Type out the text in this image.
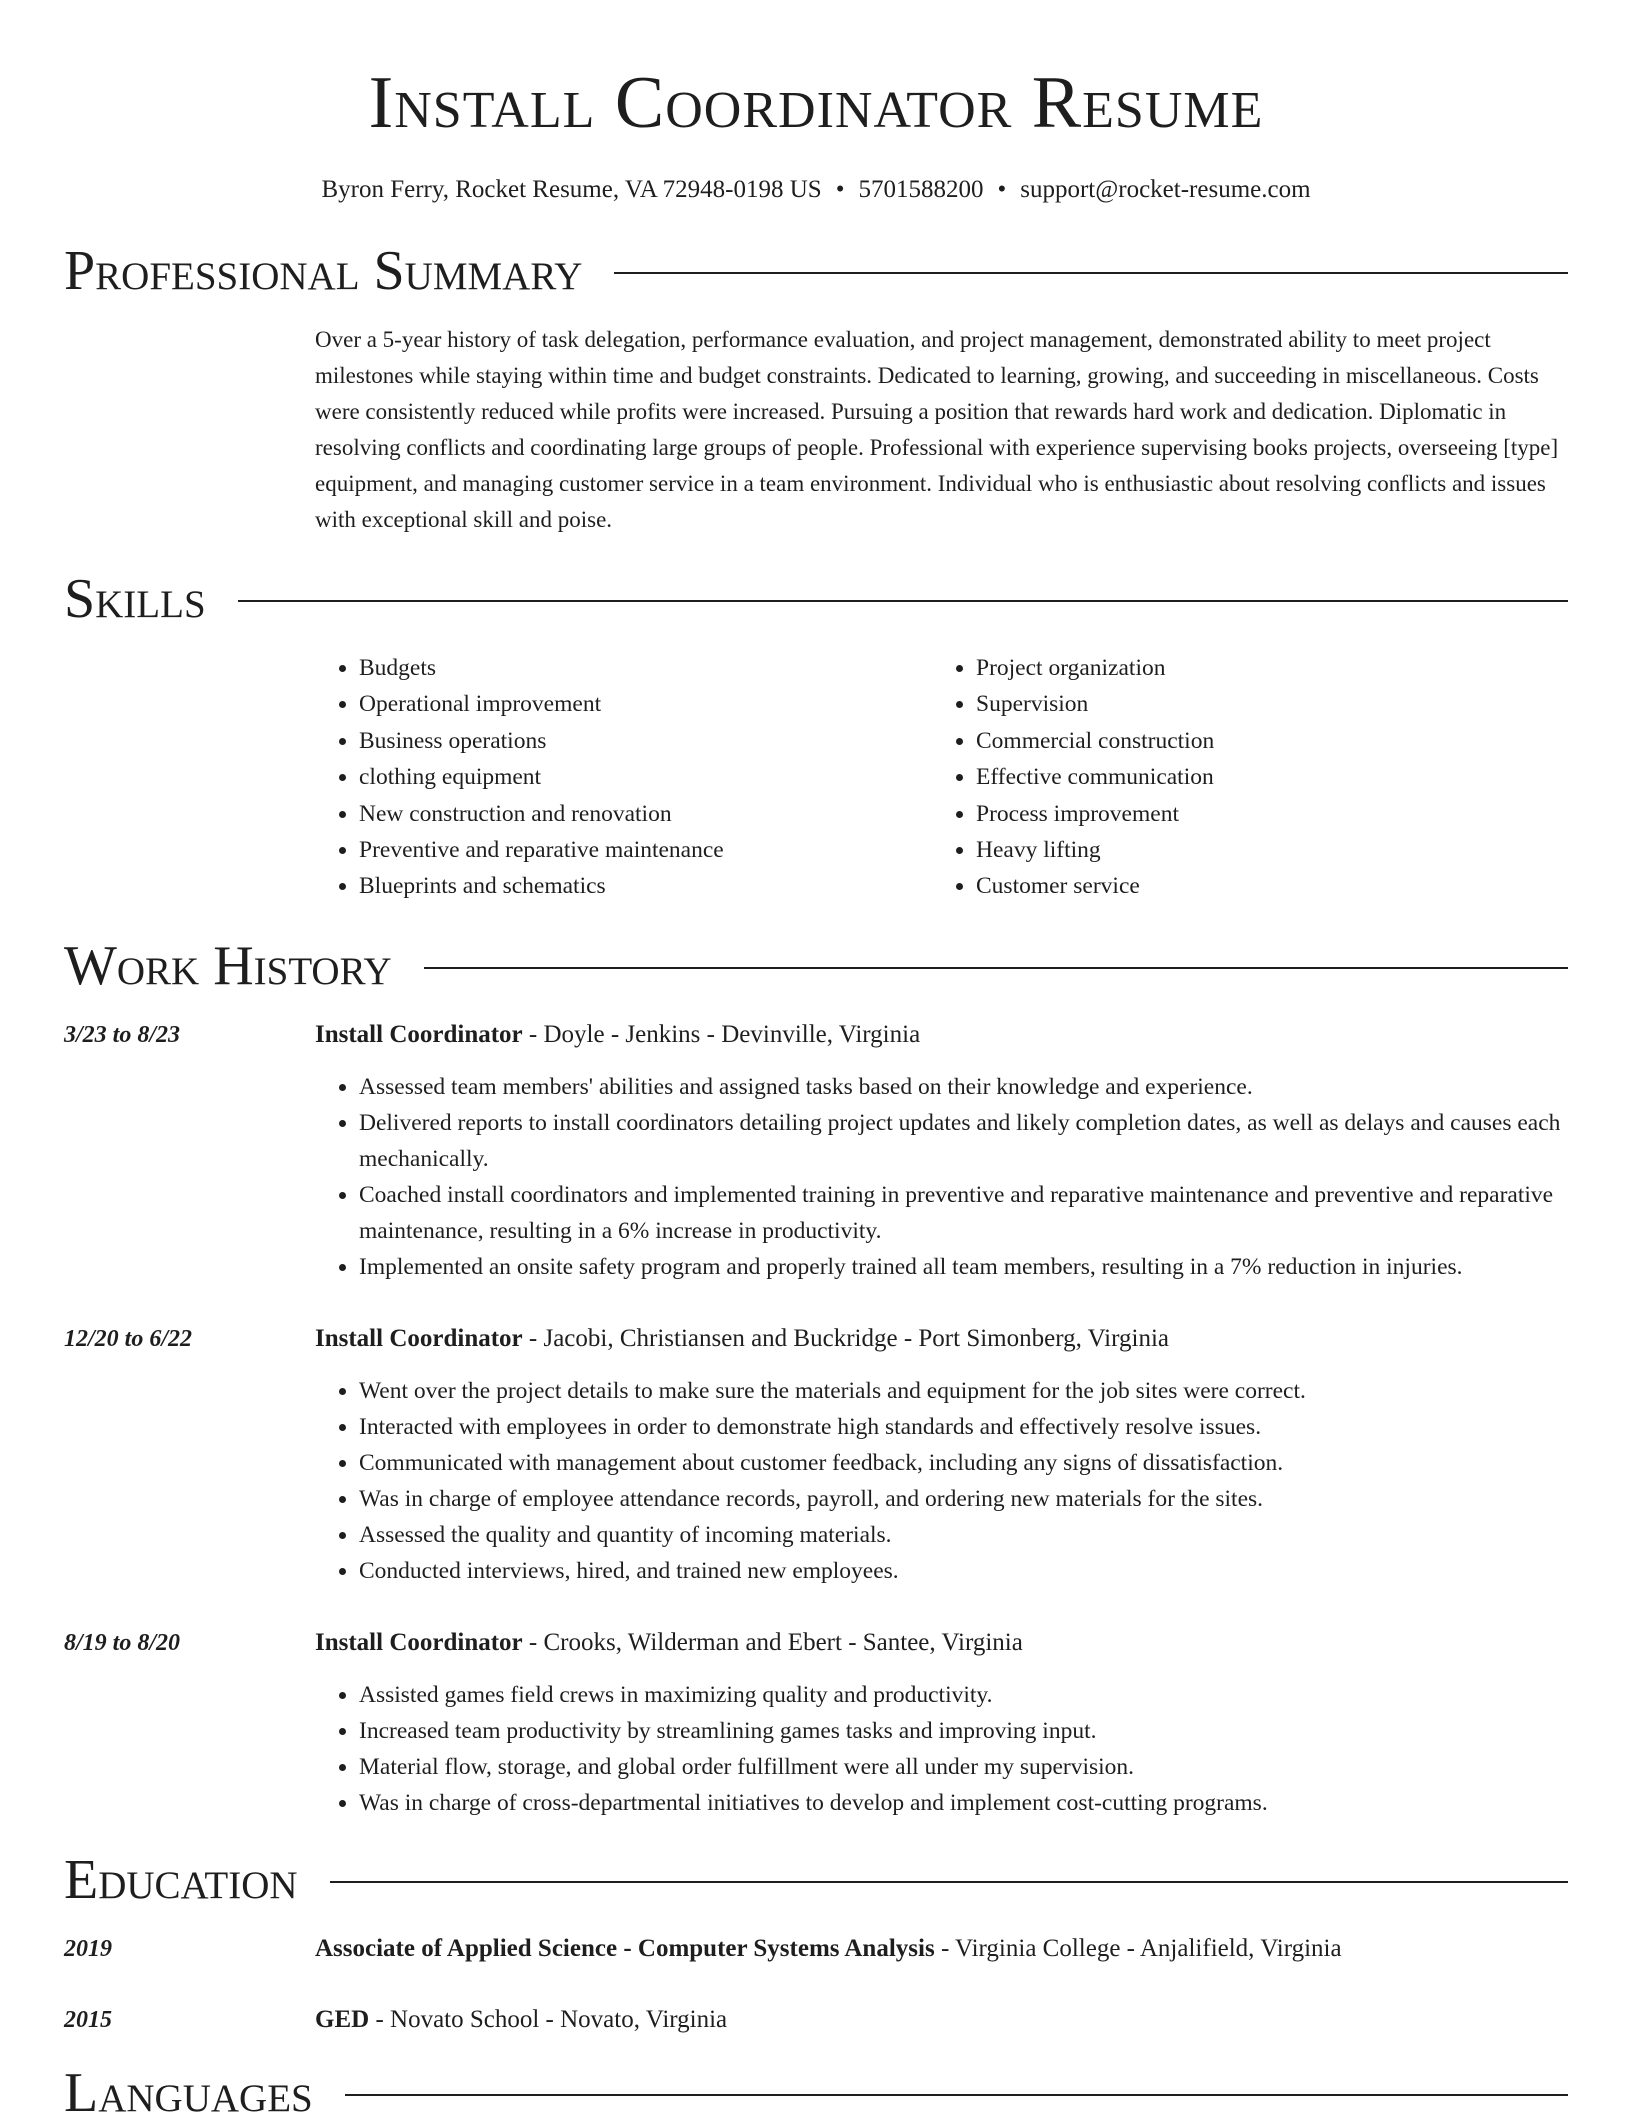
Install Coordinator Resume
Byron Ferry, Rocket Resume, VA 72948-0198 US • 5701588200 • support@rocket-resume.com
Professional Summary
Over a 5-year history of task delegation, performance evaluation, and project management, demonstrated ability to meet project milestones while staying within time and budget constraints. Dedicated to learning, growing, and succeeding in miscellaneous. Costs were consistently reduced while profits were increased. Pursuing a position that rewards hard work and dedication. Diplomatic in resolving conflicts and coordinating large groups of people. Professional with experience supervising books projects, overseeing [type] equipment, and managing customer service in a team environment. Individual who is enthusiastic about resolving conflicts and issues with exceptional skill and poise.
Skills
• Budgets
• Operational improvement
• Business operations
• clothing equipment
• New construction and renovation
• Preventive and reparative maintenance
• Blueprints and schematics
• Project organization
• Supervision
• Commercial construction
• Effective communication
• Process improvement
• Heavy lifting
• Customer service
Work History
3/23 to 8/23	Install Coordinator - Doyle - Jenkins - Devinville, Virginia
• Assessed team members' abilities and assigned tasks based on their knowledge and experience.
• Delivered reports to install coordinators detailing project updates and likely completion dates, as well as delays and causes each mechanically.
• Coached install coordinators and implemented training in preventive and reparative maintenance and preventive and reparative maintenance, resulting in a 6% increase in productivity.
• Implemented an onsite safety program and properly trained all team members, resulting in a 7% reduction in injuries.
12/20 to 6/22	Install Coordinator - Jacobi, Christiansen and Buckridge - Port Simonberg, Virginia
• Went over the project details to make sure the materials and equipment for the job sites were correct.
• Interacted with employees in order to demonstrate high standards and effectively resolve issues.
• Communicated with management about customer feedback, including any signs of dissatisfaction.
• Was in charge of employee attendance records, payroll, and ordering new materials for the sites.
• Assessed the quality and quantity of incoming materials.
• Conducted interviews, hired, and trained new employees.
8/19 to 8/20	Install Coordinator - Crooks, Wilderman and Ebert - Santee, Virginia
• Assisted games field crews in maximizing quality and productivity.
• Increased team productivity by streamlining games tasks and improving input.
• Material flow, storage, and global order fulfillment were all under my supervision.
• Was in charge of cross-departmental initiatives to develop and implement cost-cutting programs.
Education
2019	Associate of Applied Science - Computer Systems Analysis - Virginia College - Anjalifield, Virginia
2015	GED - Novato School - Novato, Virginia
Languages
